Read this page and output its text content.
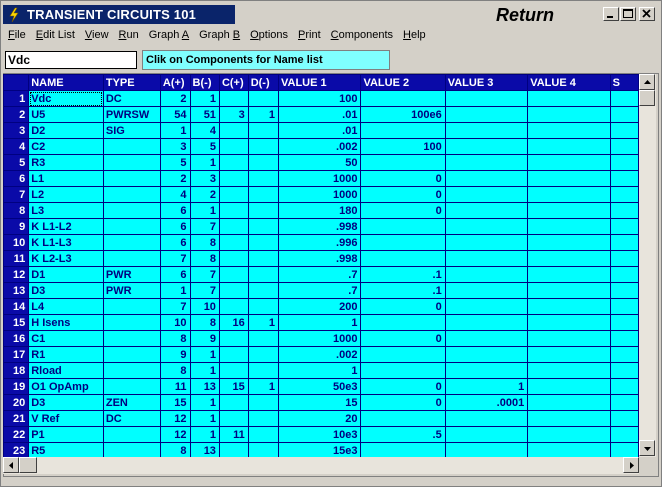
TRANSIENT CIRCUITS 101	Return
File Edit List View Run Graph A Graph B Options Print Components Help
Vdc	Clik on Components for Name list
	NAME	TYPE	A(+)	B(-)	C(+)	D(-)	VALUE 1	VALUE 2	VALUE 3	VALUE 4	S
1	Vdc	DC	2	1			100				
2	U5	PWRSW	54	51	3	1	.01	100e6			
3	D2	SIG	1	4			.01				
4	C2		3	5			.002	100			
5	R3		5	1			50				
6	L1		2	3			1000	0			
7	L2		4	2			1000	0			
8	L3		6	1			180	0			
9	K L1-L2		6	7			.998				
10	K L1-L3		6	8			.996				
11	K L2-L3		7	8			.998				
12	D1	PWR	6	7			.7	.1			
13	D3	PWR	1	7			.7	.1			
14	L4		7	10			200	0			
15	H Isens		10	8	16	1	1				
16	C1		8	9			1000	0			
17	R1		9	1			.002				
18	Rload		8	1			1				
19	O1 OpAmp		11	13	15	1	50e3	0	1		
20	D3	ZEN	15	1			15	0	.0001		
21	V Ref	DC	12	1			20				
22	P1		12	1	11		10e3	.5			
23	R5		8	13			15e3				
